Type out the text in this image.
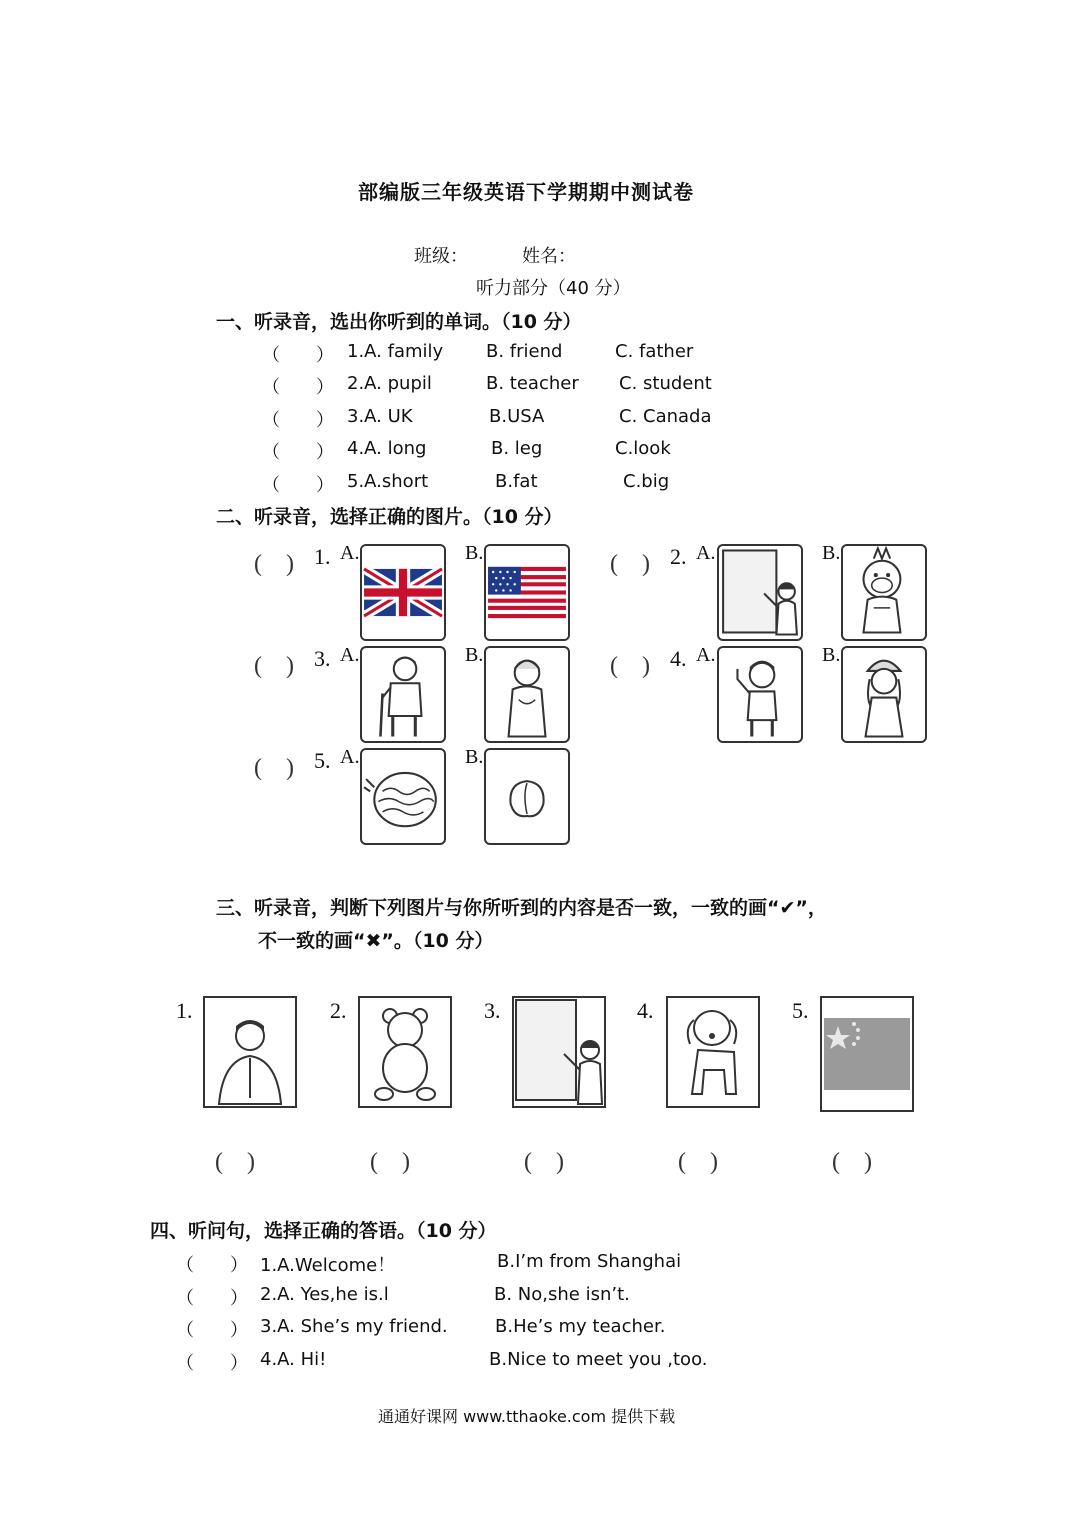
部编版三年级英语下学期期中测试卷
班级：	姓名：
听力部分（40 分）
一、听录音，选出你听到的单词。（10 分）
（　　） 1.A. family B. friend	C. father
（　　） 2.A. pupil	B. teacher C. student
（　　） 3.A. UK	B.USA	C. Canada
（　　） 4.A. long	B. leg	C.look
（　　） 5.A.short	B.fat	C.big
二、听录音，选择正确的图片。（10 分）
(　) 1. A.	B.	(　) 2. A.	B.
(　) 3. A.	B.	(　) 4. A.	B.
(　) 5. A.	B.
三、听录音，判断下列图片与你所听到的内容是否一致，一致的画“✔”，
不一致的画“✖”。（10 分）
1.
(　)
2.
(　)
3.
(　)
4.
(　)
5.
(　)
四、听问句，选择正确的答语。（10 分）
（　　） 1.A.Welcome！	B.I’m from Shanghai
（　　） 2.A. Yes,he is.l	B. No,she isn’t.
（　　） 3.A. She’s my friend.	B.He’s my teacher.
（　　） 4.A. Hi!	B.Nice to meet you ,too.
通通好课网 www.tthaoke.com 提供下载
